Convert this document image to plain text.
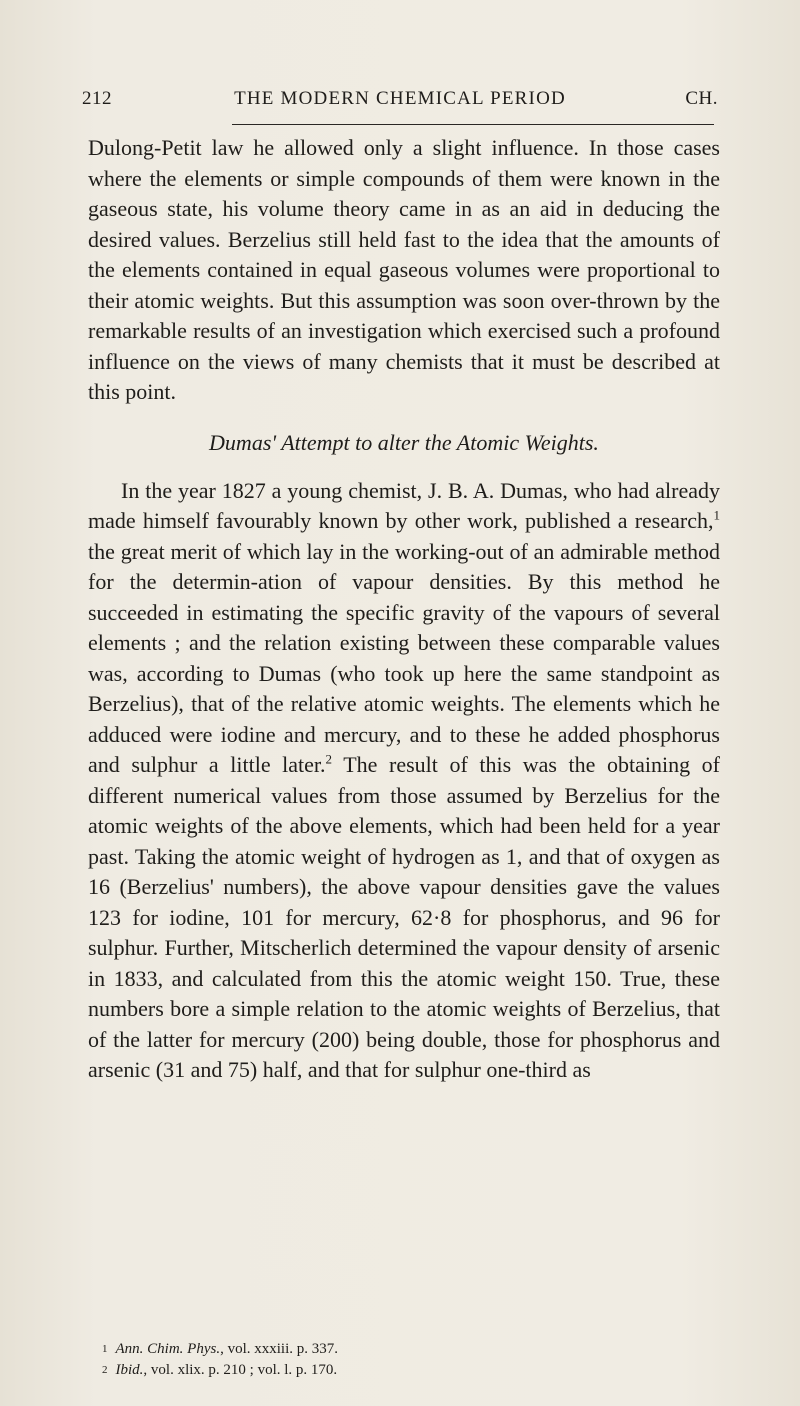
212	THE MODERN CHEMICAL PERIOD	CH.

Dulong-Petit law he allowed only a slight influence. In those cases where the elements or simple compounds of them were known in the gaseous state, his volume theory came in as an aid in deducing the desired values. Berzelius still held fast to the idea that the amounts of the elements contained in equal gaseous volumes were proportional to their atomic weights. But this assumption was soon over-thrown by the remarkable results of an investigation which exercised such a profound influence on the views of many chemists that it must be described at this point.

Dumas' Attempt to alter the Atomic Weights.

In the year 1827 a young chemist, J. B. A. Dumas, who had already made himself favourably known by other work, published a research,$^1$ the great merit of which lay in the working-out of an admirable method for the determin-ation of vapour densities. By this method he succeeded in estimating the specific gravity of the vapours of several elements ; and the relation existing between these comparable values was, according to Dumas (who took up here the same standpoint as Berzelius), that of the relative atomic weights. The elements which he adduced were iodine and mercury, and to these he added phosphorus and sulphur a little later.$^2$ The result of this was the obtaining of different numerical values from those assumed by Berzelius for the atomic weights of the above elements, which had been held for a year past. Taking the atomic weight of hydrogen as 1, and that of oxygen as 16 (Berzelius' numbers), the above vapour densities gave the values 123 for iodine, 101 for mercury, 62·8 for phosphorus, and 96 for sulphur. Further, Mitscherlich determined the vapour density of arsenic in 1833, and calculated from this the atomic weight 150. True, these numbers bore a simple relation to the atomic weights of Berzelius, that of the latter for mercury (200) being double, those for phosphorus and arsenic (31 and 75) half, and that for sulphur one-third as

$^1$ Ann. Chim. Phys., vol. xxxiii. p. 337.
$^2$ Ibid., vol. xlix. p. 210 ; vol. l. p. 170.
